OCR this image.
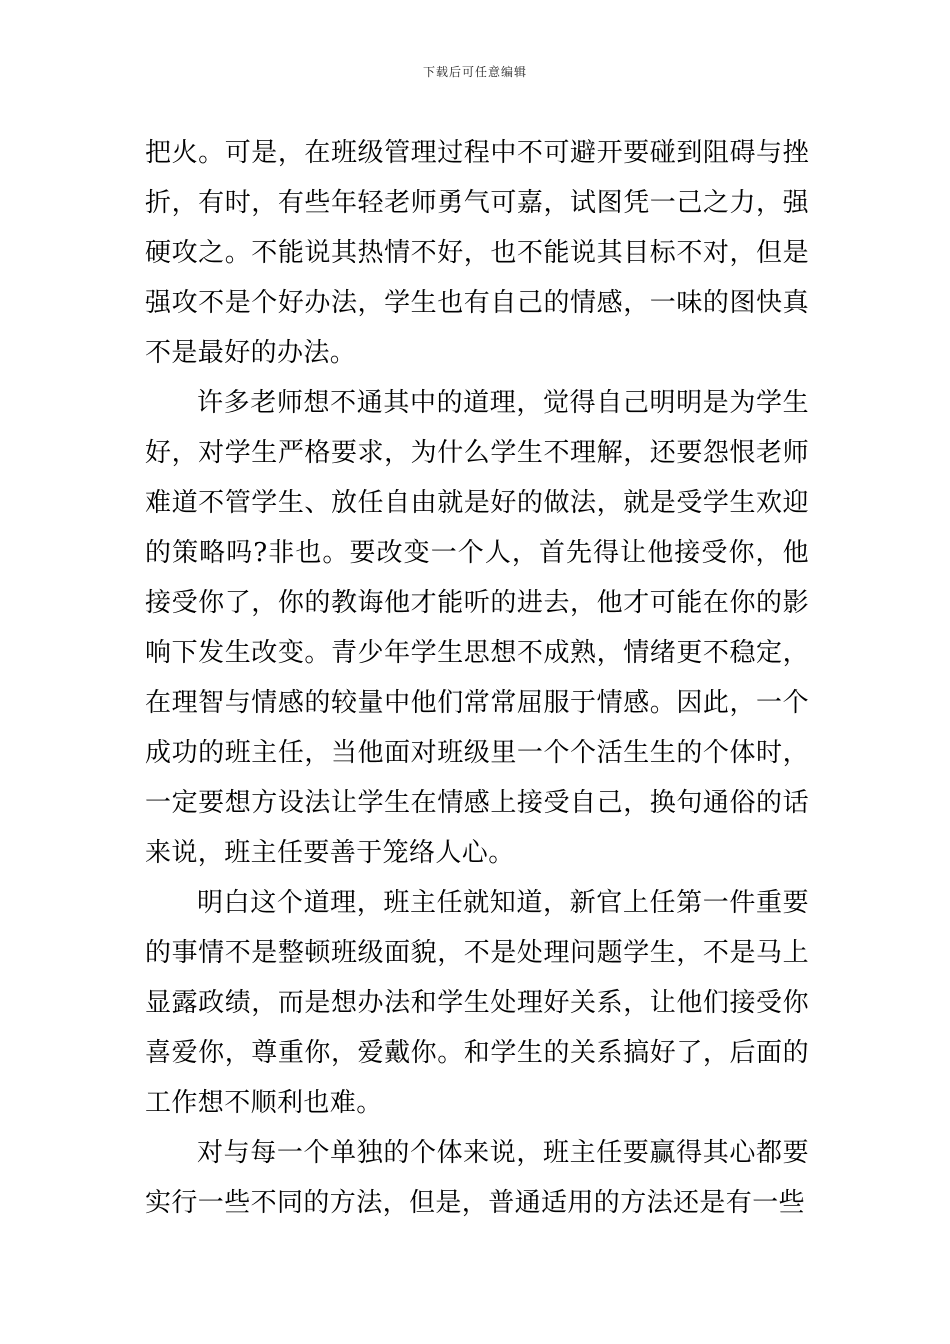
下载后可任意编辑

把火。可是，在班级管理过程中不可避开要碰到阻碍与挫折，有时，有些年轻老师勇气可嘉，试图凭一己之力，强硬攻之。不能说其热情不好，也不能说其目标不对，但是强攻不是个好办法，学生也有自己的情感，一味的图快真不是最好的办法。

许多老师想不通其中的道理，觉得自己明明是为学生好，对学生严格要求，为什么学生不理解，还要怨恨老师难道不管学生、放任自由就是好的做法，就是受学生欢迎的策略吗?非也。要改变一个人，首先得让他接受你，他接受你了，你的教诲他才能听的进去，他才可能在你的影响下发生改变。青少年学生思想不成熟，情绪更不稳定，在理智与情感的较量中他们常常屈服于情感。因此，一个成功的班主任，当他面对班级里一个个活生生的个体时，一定要想方设法让学生在情感上接受自己，换句通俗的话来说，班主任要善于笼络人心。

明白这个道理，班主任就知道，新官上任第一件重要的事情不是整顿班级面貌，不是处理问题学生，不是马上显露政绩，而是想办法和学生处理好关系，让他们接受你喜爱你，尊重你，爱戴你。和学生的关系搞好了，后面的工作想不顺利也难。

对与每一个单独的个体来说，班主任要赢得其心都要实行一些不同的方法，但是，普通适用的方法还是有一些
